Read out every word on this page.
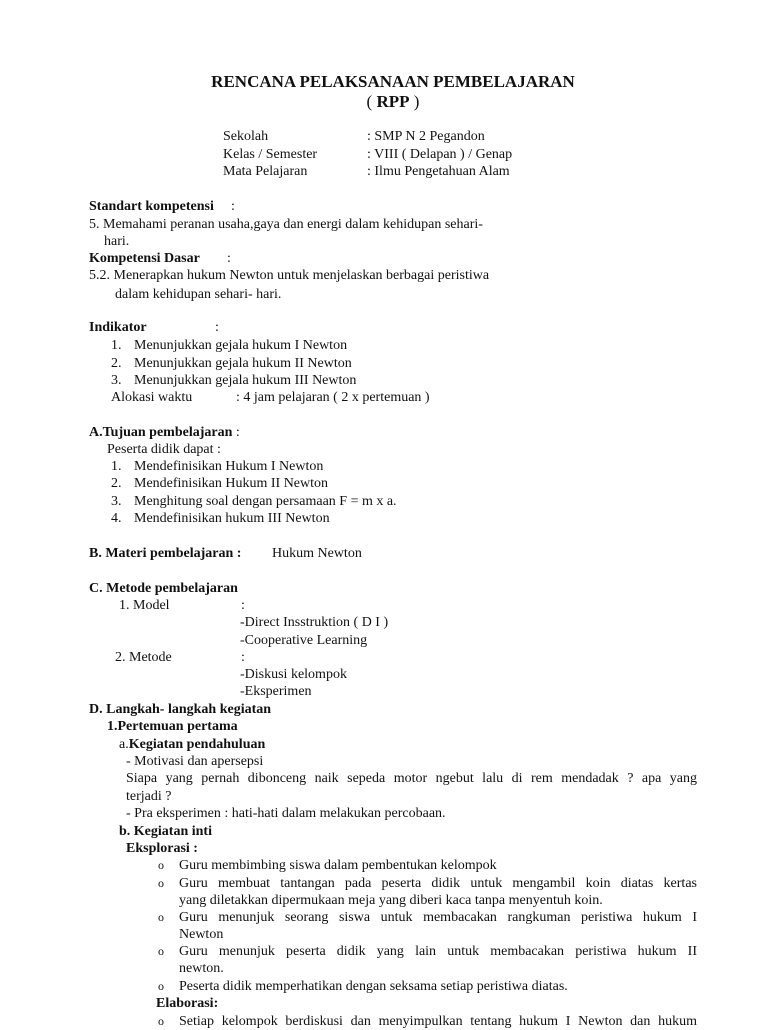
RENCANA PELAKSANAAN PEMBELAJARAN
( RPP )
Sekolah	: SMP N 2 Pegandon
Kelas / Semester	: VIII ( Delapan ) / Genap
Mata Pelajaran	: Ilmu Pengetahuan Alam
Standart kompetensi :
5. Memahami peranan usaha,gaya dan energi dalam kehidupan sehari-
hari.
Kompetensi Dasar :
5.2. Menerapkan hukum Newton untuk menjelaskan berbagai peristiwa
dalam kehidupan sehari- hari.
Indikator	:
1. Menunjukkan gejala hukum I Newton
2. Menunjukkan gejala hukum II Newton
3. Menunjukkan gejala hukum III Newton
Alokasi waktu	: 4 jam pelajaran ( 2 x pertemuan )
A.Tujuan pembelajaran :
Peserta didik dapat :
1. Mendefinisikan Hukum I Newton
2. Mendefinisikan Hukum II Newton
3. Menghitung soal dengan persamaan F = m x a.
4. Mendefinisikan hukum III Newton
B. Materi pembelajaran : Hukum Newton
C. Metode pembelajaran
1. Model	:
-Direct Insstruktion ( D I )
-Cooperative Learning
2. Metode	:
-Diskusi kelompok
-Eksperimen
D. Langkah- langkah kegiatan
1.Pertemuan pertama
a.Kegiatan pendahuluan
- Motivasi dan apersepsi
Siapa yang pernah dibonceng naik sepeda motor ngebut lalu di rem mendadak ? apa yang
terjadi ?
- Pra eksperimen : hati-hati dalam melakukan percobaan.
b. Kegiatan inti
Eksplorasi :
o Guru membimbing siswa dalam pembentukan kelompok
o Guru membuat tantangan pada peserta didik untuk mengambil koin diatas kertas
yang diletakkan dipermukaan meja yang diberi kaca tanpa menyentuh koin.
o Guru menunjuk seorang siswa untuk membacakan rangkuman peristiwa hukum I
Newton
o Guru menunjuk peserta didik yang lain untuk membacakan peristiwa hukum II
newton.
o Peserta didik memperhatikan dengan seksama setiap peristiwa diatas.
Elaborasi:
o Setiap kelompok berdiskusi dan menyimpulkan tentang hukum I Newton dan hukum
